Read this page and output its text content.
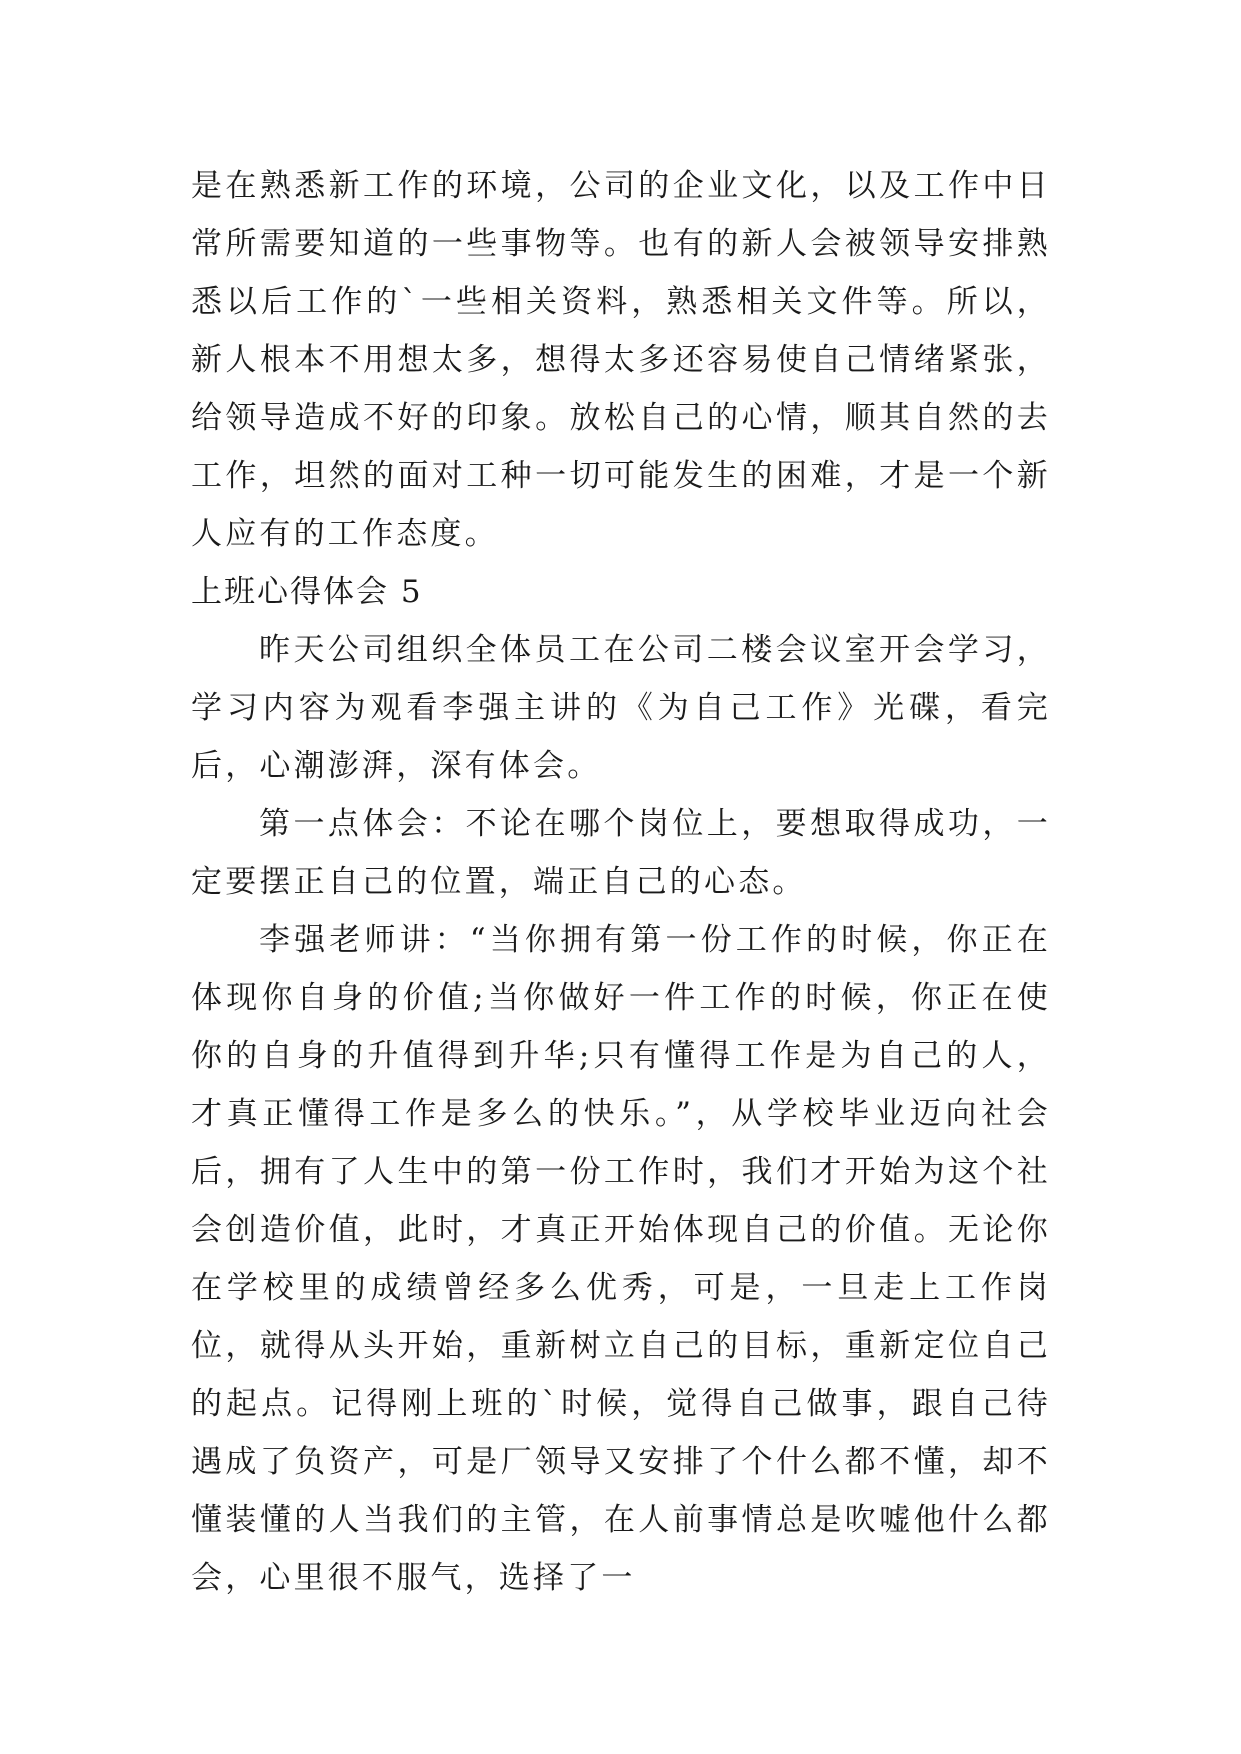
是在熟悉新工作的环境，公司的企业文化，以及工作中日常所需要知道的一些事物等。也有的新人会被领导安排熟悉以后工作的`一些相关资料，熟悉相关文件等。所以，新人根本不用想太多，想得太多还容易使自己情绪紧张，给领导造成不好的印象。放松自己的心情，顺其自然的去工作，坦然的面对工种一切可能发生的困难，才是一个新人应有的工作态度。

上班心得体会 5

昨天公司组织全体员工在公司二楼会议室开会学习，学习内容为观看李强主讲的《为自己工作》光碟，看完后，心潮澎湃，深有体会。

第一点体会：不论在哪个岗位上，要想取得成功，一定要摆正自己的位置，端正自己的心态。

李强老师讲：“当你拥有第一份工作的时候，你正在体现你自身的价值;当你做好一件工作的时候，你正在使你的自身的升值得到升华;只有懂得工作是为自己的人，才真正懂得工作是多么的快乐。”，从学校毕业迈向社会后，拥有了人生中的第一份工作时，我们才开始为这个社会创造价值，此时，才真正开始体现自己的价值。无论你在学校里的成绩曾经多么优秀，可是，一旦走上工作岗位，就得从头开始，重新树立自己的目标，重新定位自己的起点。记得刚上班的`时候，觉得自己做事，跟自己待遇成了负资产，可是厂领导又安排了个什么都不懂，却不懂装懂的人当我们的主管，在人前事情总是吹嘘他什么都会，心里很不服气，选择了一
